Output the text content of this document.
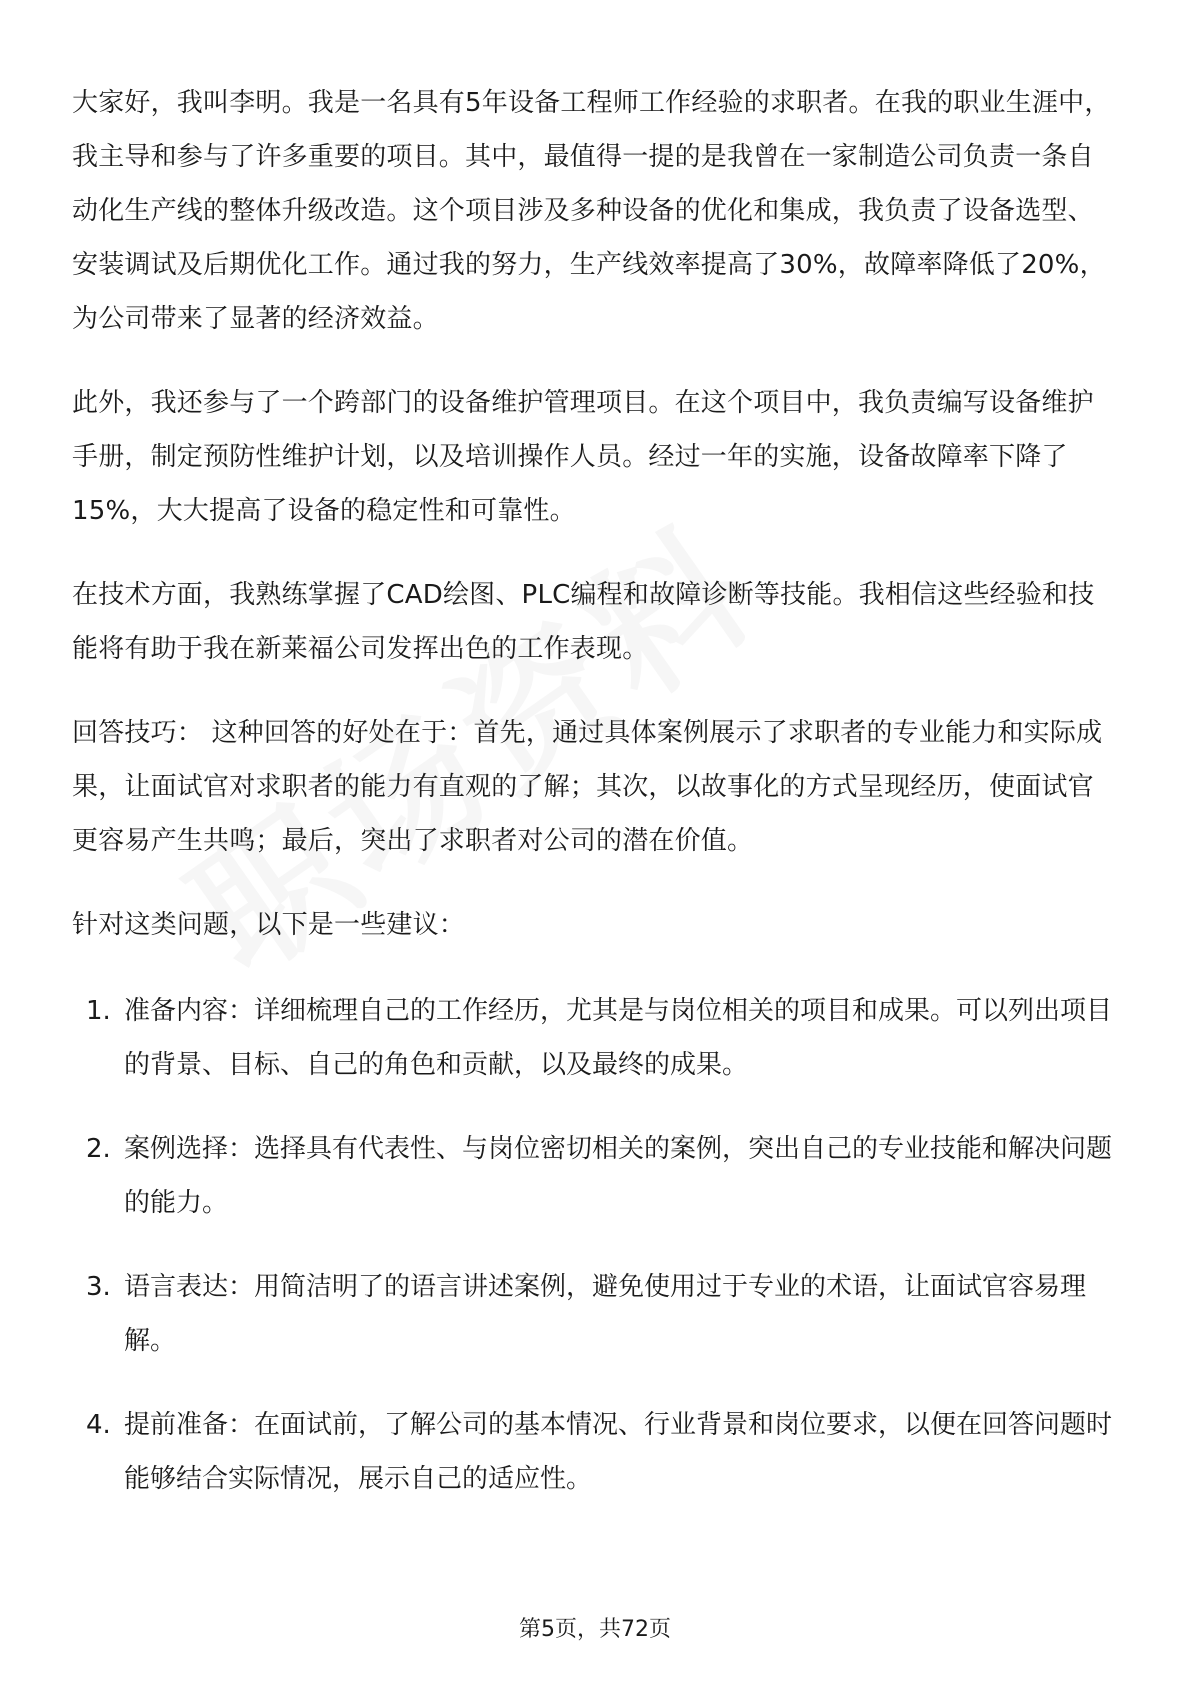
大家好，我叫李明。我是一名具有5年设备工程师工作经验的求职者。在我的职业生涯中，我主导和参与了许多重要的项目。其中，最值得一提的是我曾在一家制造公司负责一条自动化生产线的整体升级改造。这个项目涉及多种设备的优化和集成，我负责了设备选型、安装调试及后期优化工作。通过我的努力，生产线效率提高了30%，故障率降低了20%，为公司带来了显著的经济效益。

此外，我还参与了一个跨部门的设备维护管理项目。在这个项目中，我负责编写设备维护手册，制定预防性维护计划，以及培训操作人员。经过一年的实施，设备故障率下降了15%，大大提高了设备的稳定性和可靠性。

在技术方面，我熟练掌握了CAD绘图、PLC编程和故障诊断等技能。我相信这些经验和技能将有助于我在新莱福公司发挥出色的工作表现。

回答技巧： 这种回答的好处在于：首先，通过具体案例展示了求职者的专业能力和实际成果，让面试官对求职者的能力有直观的了解；其次，以故事化的方式呈现经历，使面试官更容易产生共鸣；最后，突出了求职者对公司的潜在价值。

针对这类问题，以下是一些建议：

1. 准备内容：详细梳理自己的工作经历，尤其是与岗位相关的项目和成果。可以列出项目的背景、目标、自己的角色和贡献，以及最终的成果。
2. 案例选择：选择具有代表性、与岗位密切相关的案例，突出自己的专业技能和解决问题的能力。
3. 语言表达：用简洁明了的语言讲述案例，避免使用过于专业的术语，让面试官容易理解。
4. 提前准备：在面试前，了解公司的基本情况、行业背景和岗位要求，以便在回答问题时能够结合实际情况，展示自己的适应性。
第5页，共72页
